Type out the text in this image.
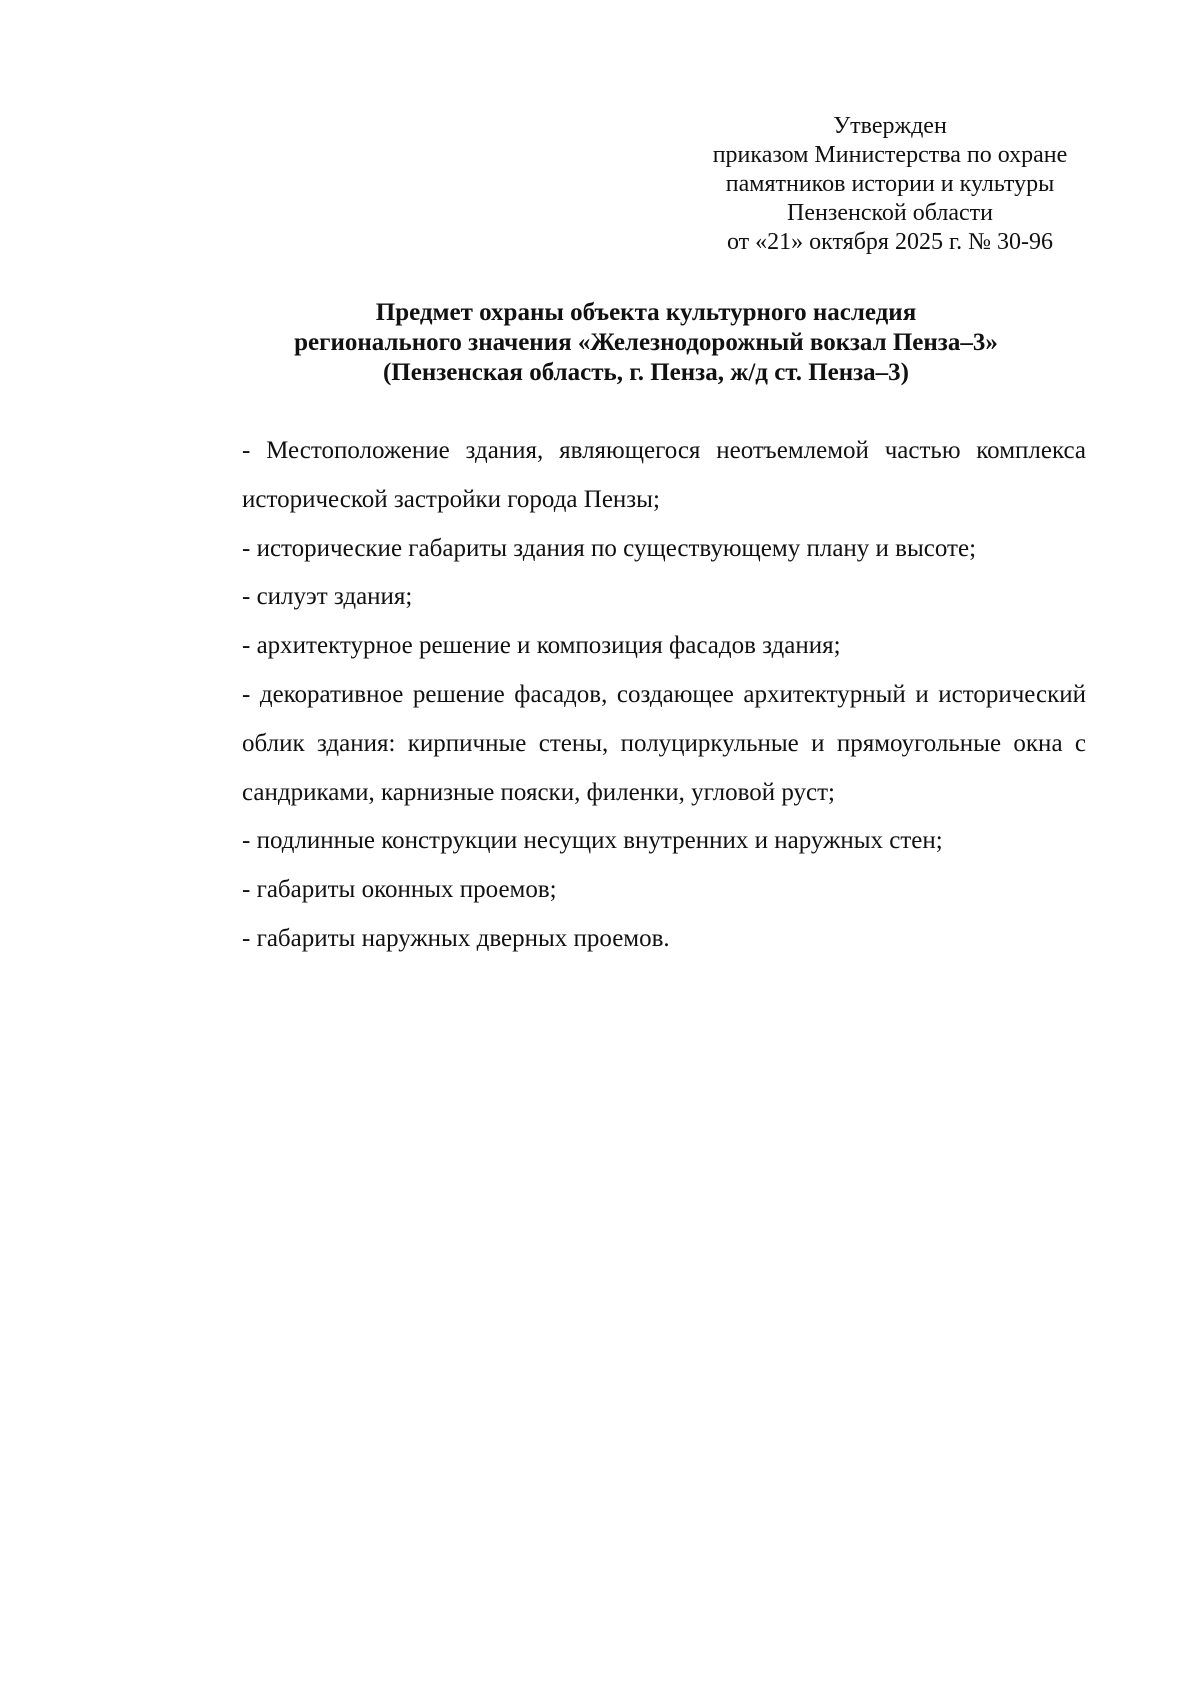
Утвержден
приказом Министерства по охране
памятников истории и культуры
Пензенской области
от «21» октября 2025 г. № 30-96
Предмет охраны объекта культурного наследия
регионального значения «Железнодорожный вокзал Пенза–3»
(Пензенская область, г. Пенза, ж/д ст. Пенза–3)

- Местоположение здания, являющегося неотъемлемой частью комплекса исторической застройки города Пензы;

- исторические габариты здания по существующему плану и высоте;

- силуэт здания;

- архитектурное решение и композиция фасадов здания;

- декоративное решение фасадов, создающее архитектурный и исторический облик здания: кирпичные стены, полуциркульные и прямоугольные окна с сандриками, карнизные пояски, филенки, угловой руст;

- подлинные конструкции несущих внутренних и наружных стен;

- габариты оконных проемов;

- габариты наружных дверных проемов.
